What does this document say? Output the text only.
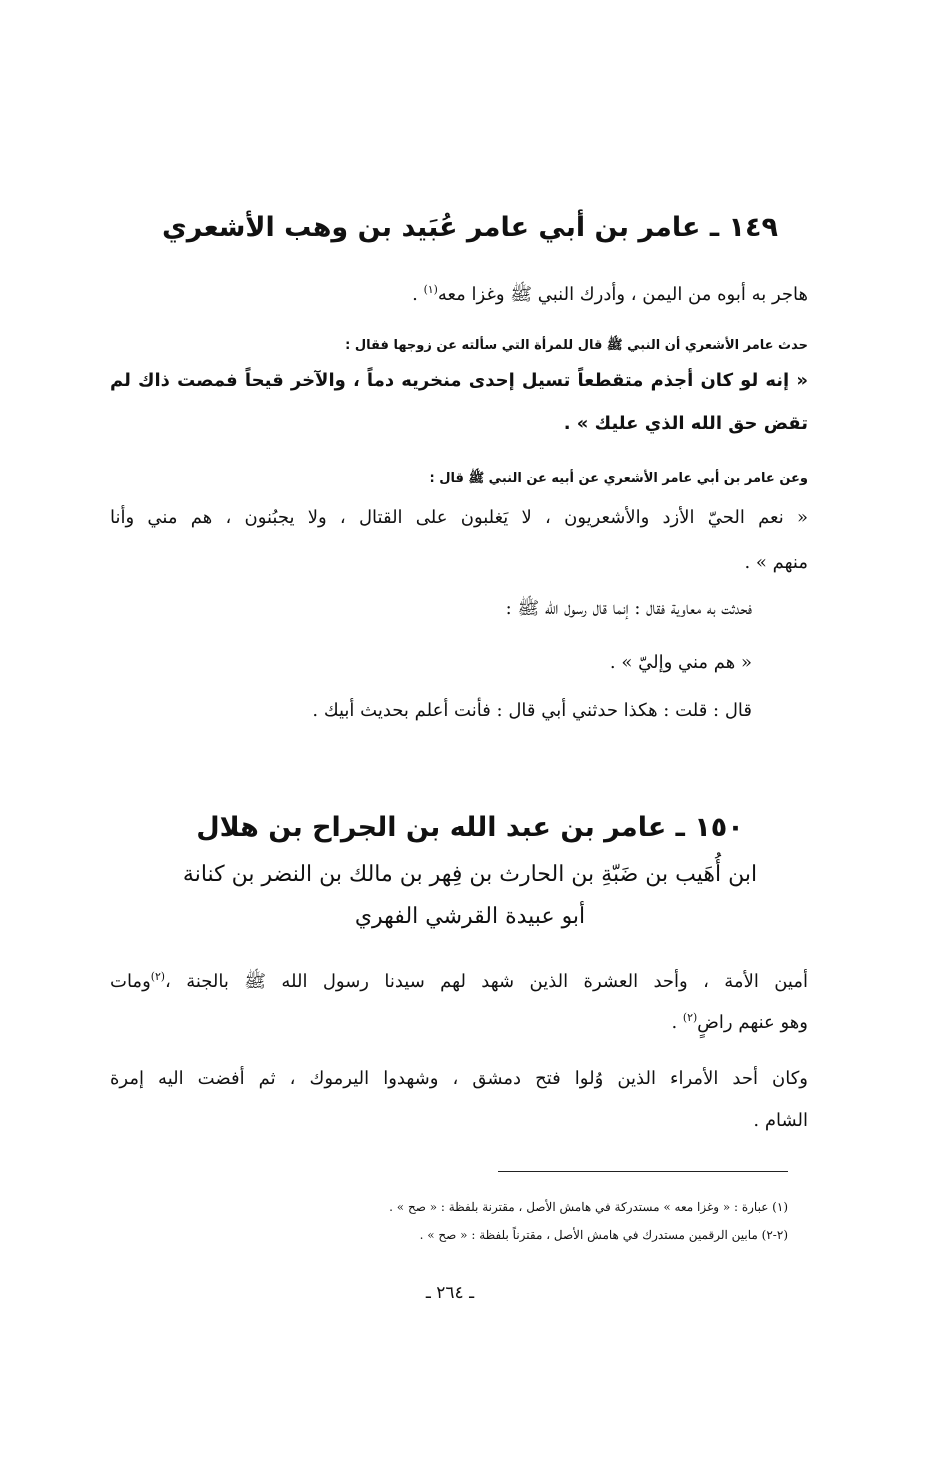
١٤٩ ـ عامر بن أبي عامر عُبَيد بن وهب الأشعري

هاجر به أبوه من اليمن ، وأدرك النبي ﷺ وغزا معه$^{(١)}$ .

حدث عامر الأشعري أن النبي ﷺ قال للمرأة التي سألته عن زوجها فقال :

« إنه لو كان أجذم متقطعاً تسيل إحدى منخريه دماً ، والآخر قيحاً فمصت ذاك لم

تقض حق الله الذي عليك » .

وعن عامر بن أبي عامر الأشعري عن أبيه عن النبي ﷺ قال :

« نعم الحيّ الأزد والأشعريون ، لا يَغلبون على القتال ، ولا يجبُنون ، هم مني وأنا

منهم » .

فحدثت به معاوية فقال : إنما قال رسول الله ﷺ :

« هم مني وإليّ » .

قال : قلت : هكذا حدثني أبي قال : فأنت أعلم بحديث أبيك .

١٥٠ ـ عامر بن عبد الله بن الجراح بن هلال

ابن أُهَيب بن ضَبّةِ بن الحارث بن فِهر بن مالك بن النضر بن كنانة

أبو عبيدة القرشي الفهري

أمين الأمة ، وأحد العشرة الذين شهد لهم سيدنا رسول الله ﷺ بالجنة ،$^{(٢)}$ومات

وهو عنهم راضٍ$^{(٢)}$ .

وكان أحد الأمراء الذين وُلوا فتح دمشق ، وشهدوا اليرموك ، ثم أفضت اليه إمرة

الشام .

(١) عبارة : « وغزا معه » مستدركة في هامش الأصل ، مقترنة بلفظة : « صح » .

(٢-٢) مابين الرقمين مستدرك في هامش الأصل ، مقترناً بلفظة : « صح » .

ـ ٢٦٤ ـ
